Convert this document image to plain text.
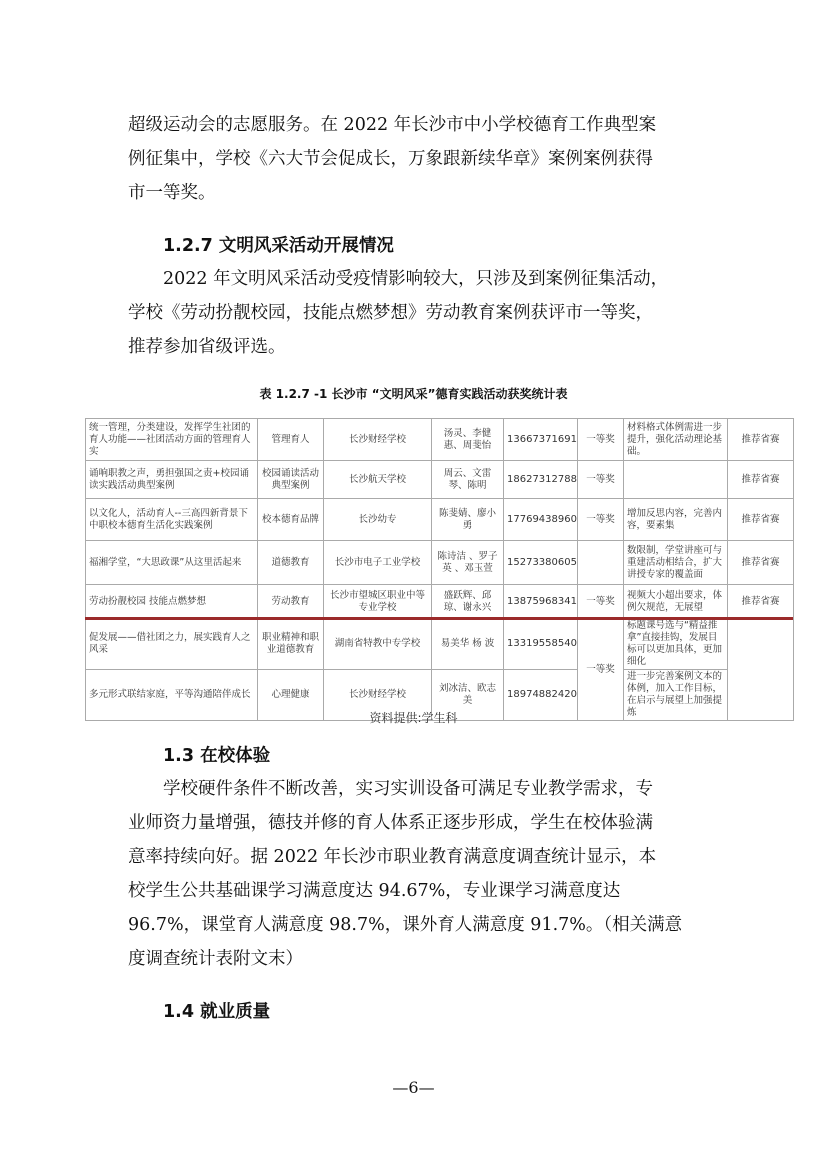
超级运动会的志愿服务。在 2022 年长沙市中小学校德育工作典型案
例征集中，学校《六大节会促成长，万象跟新续华章》案例案例获得
市一等奖。
1.2.7 文明风采活动开展情况
2022 年文明风采活动受疫情影响较大，只涉及到案例征集活动，
学校《劳动扮靓校园，技能点燃梦想》劳动教育案例获评市一等奖，
推荐参加省级评选。
表 1.2.7 -1 长沙市 “文明风采”德育实践活动获奖统计表
统一管理，分类建设，发挥学生社团的育人功能——社团活动方面的管理育人实	管理育人	长沙财经学校	汤灵、李健惠、周斐怡	13667371691	一等奖	材料格式体例需进一步提升，强化活动理论基础。	推荐省赛
诵响职教之声，勇担强国之责+校园诵读实践活动典型案例	校园诵读活动典型案例	长沙航天学校	周云、文雷琴、陈明	18627312788	一等奖		推荐省赛
以文化人，活动育人--三高四新背景下中职校本德育生活化实践案例	校本德育品牌	长沙幼专	陈斐婧、廖小勇	17769438960	一等奖	增加反思内容，完善内容，要素集	推荐省赛
福湘学堂，“大思政课”从这里活起来	道德教育	长沙市电子工业学校	陈诗洁 、罗子英 、邓玉萱	15273380605		数限制，学堂讲座可与重建活动相结合，扩大讲授专家的覆盖面	推荐省赛
劳动扮靓校园 技能点燃梦想	劳动教育	长沙市望城区职业中等专业学校	盛跃辉、邱琼、谢永兴	13875968341	一等奖	视频大小超出要求，体例欠规范，无展望	推荐省赛
促发展——借社团之力，展实践育人之风采	职业精神和职业道德教育	湖南省特教中专学校	易美华 杨 波	13319558540	一等奖	标题课号选与“精益推拿”直接挂钩，发展目标可以更加具体，更加细化	
多元形式联结家庭，平等沟通陪伴成长	心理健康	长沙财经学校	刘冰洁、欧志美	18974882420		进一步完善案例文本的体例，加入工作目标，在启示与展望上加强提炼	
资料提供:学生科
1.3 在校体验
学校硬件条件不断改善，实习实训设备可满足专业教学需求，专
业师资力量增强，德技并修的育人体系正逐步形成，学生在校体验满
意率持续向好。据 2022 年长沙市职业教育满意度调查统计显示，本
校学生公共基础课学习满意度达 94.67%，专业课学习满意度达
96.7%，课堂育人满意度 98.7%，课外育人满意度 91.7%。（相关满意
度调查统计表附文末）
1.4 就业质量
—6—
